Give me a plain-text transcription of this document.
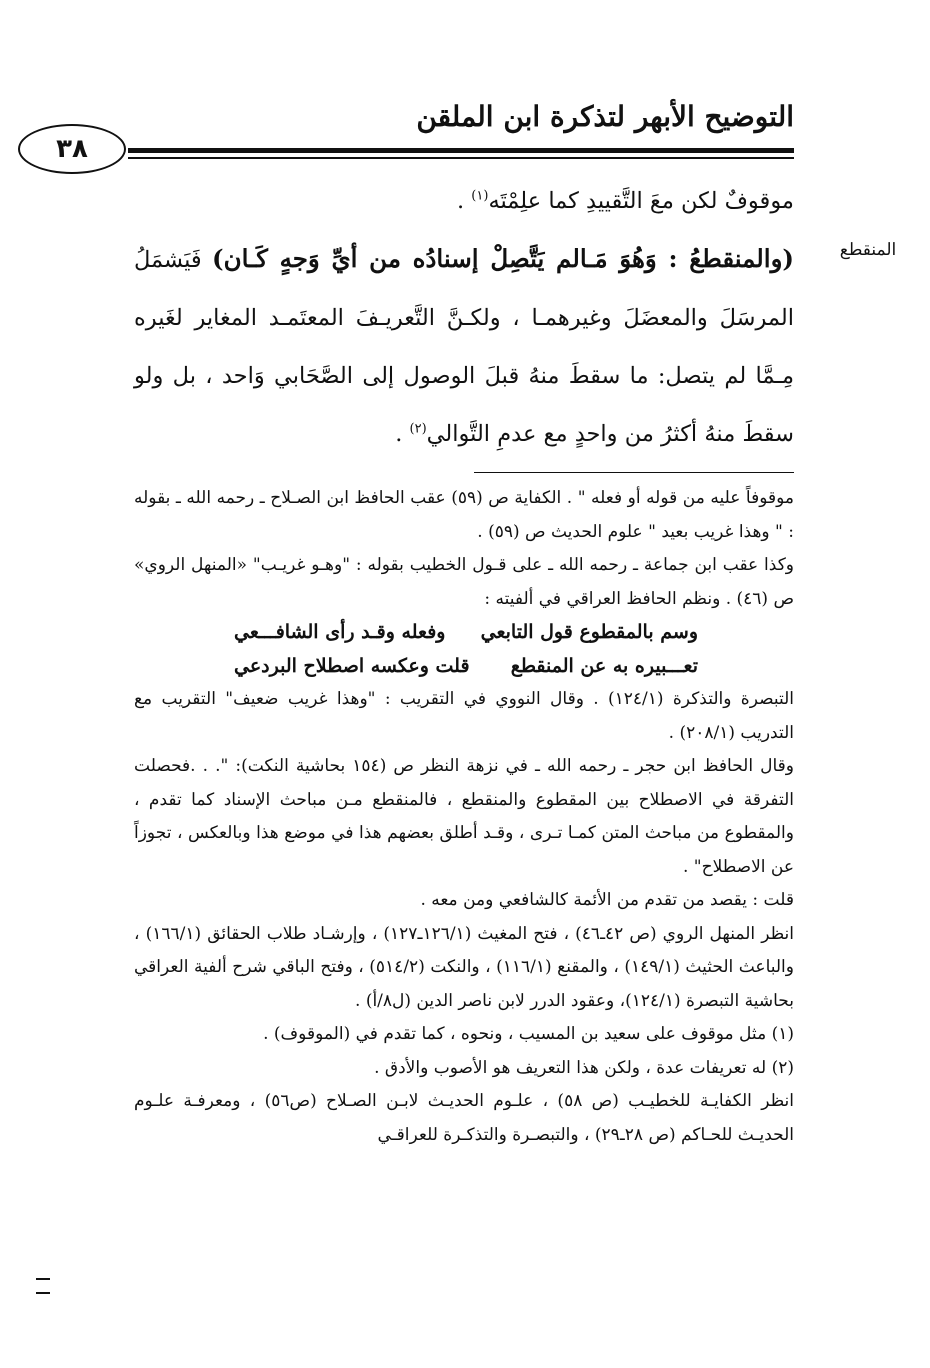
التوضيح الأبهر لتذكرة ابن الملقن
٣٨
المنقطع

موقوفٌ لكن معَ التَّقييدِ كما علِمْتَه$^{(١)}$ .

(والمنقطعُ : وَهُوَ مَـالم يَتَّصِلْ إسنادُه من أيِّ وَجهٍ كَـان) فَيَشمَلُ المرسَلَ والمعضَلَ وغيرهمـا ، ولكـنَّ التَّعريـفَ المعتَمـد المغاير لغَيره مِـمَّا لم يتصل: ما سقطَ منهُ قبلَ الوصول إلى الصَّحَابي وَاحد ، بل ولو سقطَ منهُ أكثرُ من واحدٍ مع عدمِ التَّوالي$^{(٢)}$ .

موقوفاً عليه من قوله أو فعله " . الكفاية ص (٥٩) عقب الحافظ ابن الصـلاح ـ رحمه الله ـ بقوله : " وهذا غريب بعيد " علوم الحديث ص (٥٩) .

وكذا عقب ابن جماعة ـ رحمه الله ـ على قـول الخطيب بقوله : "وهـو غريـب" «المنهل الروي» ص (٤٦) . ونظم الحافظ العراقي في ألفيته :

وسم بالمقطوع قول التابعي
وفعله وقـد رأى الشافـــعي
تعـــبيره به عن المنقطع
قلت وعكسه اصطلاح البردعي

التبصرة والتذكرة (١٢٤/١) . وقال النووي في التقريب : "وهذا غريب ضعيف" التقريب مع التدريب (٢٠٨/١) .

وقال الحافظ ابن حجر ـ رحمه الله ـ في نزهة النظر ص (١٥٤ بحاشية النكت): ". . .فحصلت التفرقة في الاصطلاح بين المقطوع والمنقطع ، فالمنقطع مـن مباحث الإسناد كما تقدم ، والمقطوع من مباحث المتن كمـا تـرى ، وقـد أطلق بعضهم هذا في موضع هذا وبالعكس ، تجوزاً عن الاصطلاح" .

قلت : يقصد من تقدم من الأئمة كالشافعي ومن معه .

انظر المنهل الروي (ص ٤٢ـ٤٦) ، فتح المغيث (١٢٦/١ـ١٢٧) ، وإرشـاد طلاب الحقائق (١٦٦/١) ، والباعث الحثيث (١٤٩/١) ، والمقنع (١١٦/١) ، والنكت (٥١٤/٢) ، وفتح الباقي شرح ألفية العراقي بحاشية التبصرة (١٢٤/١)، وعقود الدرر لابن ناصر الدين (ل٨/أ) .

(١) مثل موقوف على سعيد بن المسيب ، ونحوه ، كما تقدم في (الموقوف) .

(٢) له تعريفات عدة ، ولكن هذا التعريف هو الأصوب والأدق .

انظر الكفايـة للخطيـب (ص ٥٨) ، علـوم الحديـث لابـن الصـلاح (ص٥٦) ، ومعرفـة علـوم الحديـث للحـاكم (ص ٢٨ـ٢٩) ، والتبصـرة والتذكـرة للعراقـي
